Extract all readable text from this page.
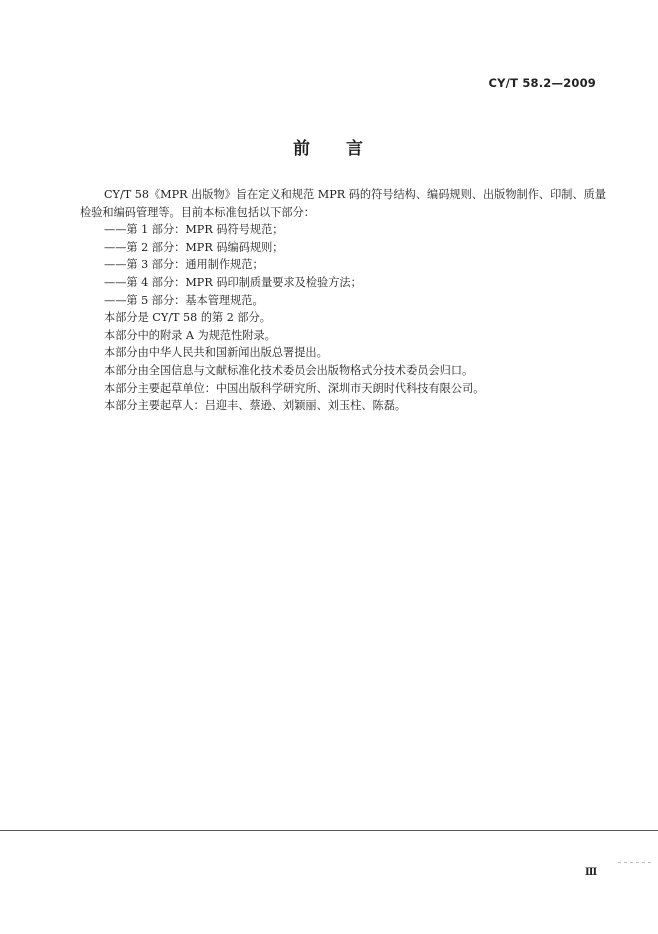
CY/T 58.2—2009
前 言

CY/T 58《MPR 出版物》旨在定义和规范 MPR 码的符号结构、编码规则、出版物制作、印制、质量

检验和编码管理等。目前本标准包括以下部分：

——第 1 部分：MPR 码符号规范；

——第 2 部分：MPR 码编码规则；

——第 3 部分：通用制作规范；

——第 4 部分：MPR 码印制质量要求及检验方法；

——第 5 部分：基本管理规范。

本部分是 CY/T 58 的第 2 部分。

本部分中的附录 A 为规范性附录。

本部分由中华人民共和国新闻出版总署提出。

本部分由全国信息与文献标准化技术委员会出版物格式分技术委员会归口。

本部分主要起草单位：中国出版科学研究所、深圳市天朗时代科技有限公司。

本部分主要起草人：吕迎丰、蔡逊、刘颖丽、刘玉柱、陈磊。

Ⅲ
